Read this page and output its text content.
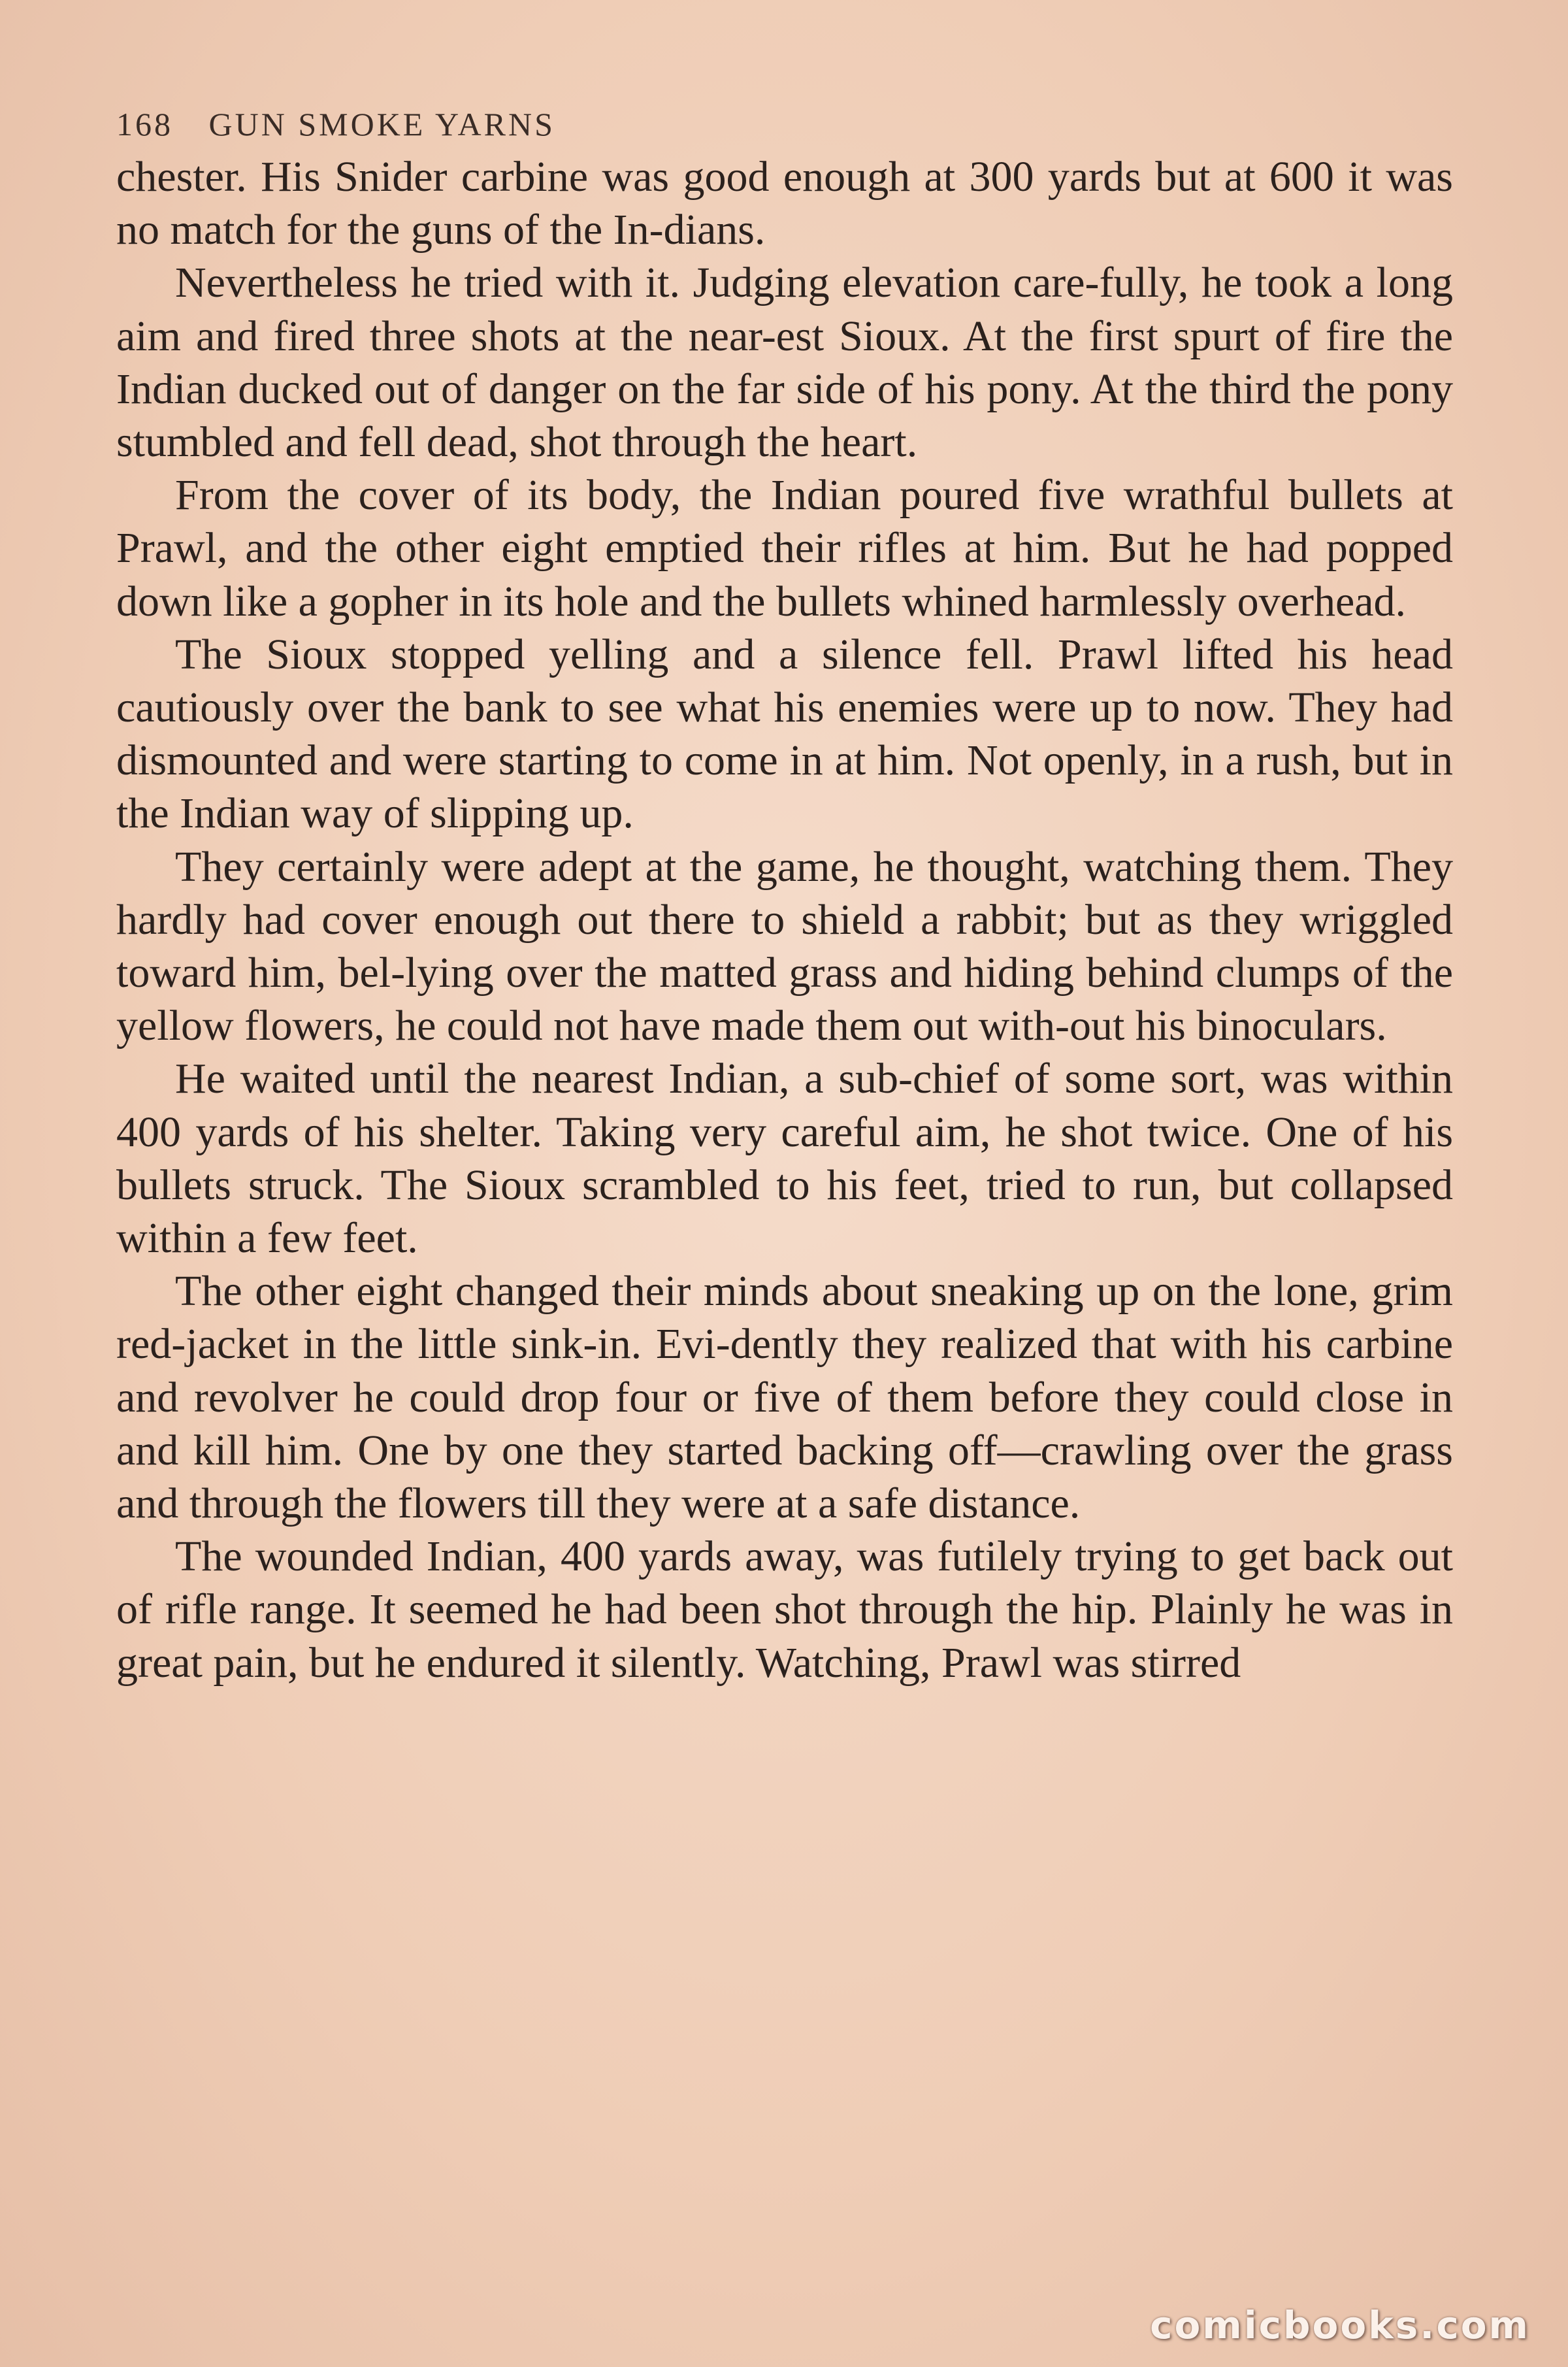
168 GUN SMOKE YARNS

chester. His Snider carbine was good enough at 300 yards but at 600 it was no match for the guns of the In-dians.

Nevertheless he tried with it. Judging elevation care-fully, he took a long aim and fired three shots at the near-est Sioux. At the first spurt of fire the Indian ducked out of danger on the far side of his pony. At the third the pony stumbled and fell dead, shot through the heart.

From the cover of its body, the Indian poured five wrathful bullets at Prawl, and the other eight emptied their rifles at him. But he had popped down like a gopher in its hole and the bullets whined harmlessly overhead.

The Sioux stopped yelling and a silence fell. Prawl lifted his head cautiously over the bank to see what his enemies were up to now. They had dismounted and were starting to come in at him. Not openly, in a rush, but in the Indian way of slipping up.

They certainly were adept at the game, he thought, watching them. They hardly had cover enough out there to shield a rabbit; but as they wriggled toward him, bel-lying over the matted grass and hiding behind clumps of the yellow flowers, he could not have made them out with-out his binoculars.

He waited until the nearest Indian, a sub-chief of some sort, was within 400 yards of his shelter. Taking very careful aim, he shot twice. One of his bullets struck. The Sioux scrambled to his feet, tried to run, but collapsed within a few feet.

The other eight changed their minds about sneaking up on the lone, grim red-jacket in the little sink-in. Evi-dently they realized that with his carbine and revolver he could drop four or five of them before they could close in and kill him. One by one they started backing off—crawling over the grass and through the flowers till they were at a safe distance.

The wounded Indian, 400 yards away, was futilely trying to get back out of rifle range. It seemed he had been shot through the hip. Plainly he was in great pain, but he endured it silently. Watching, Prawl was stirred

comicbooks.com
